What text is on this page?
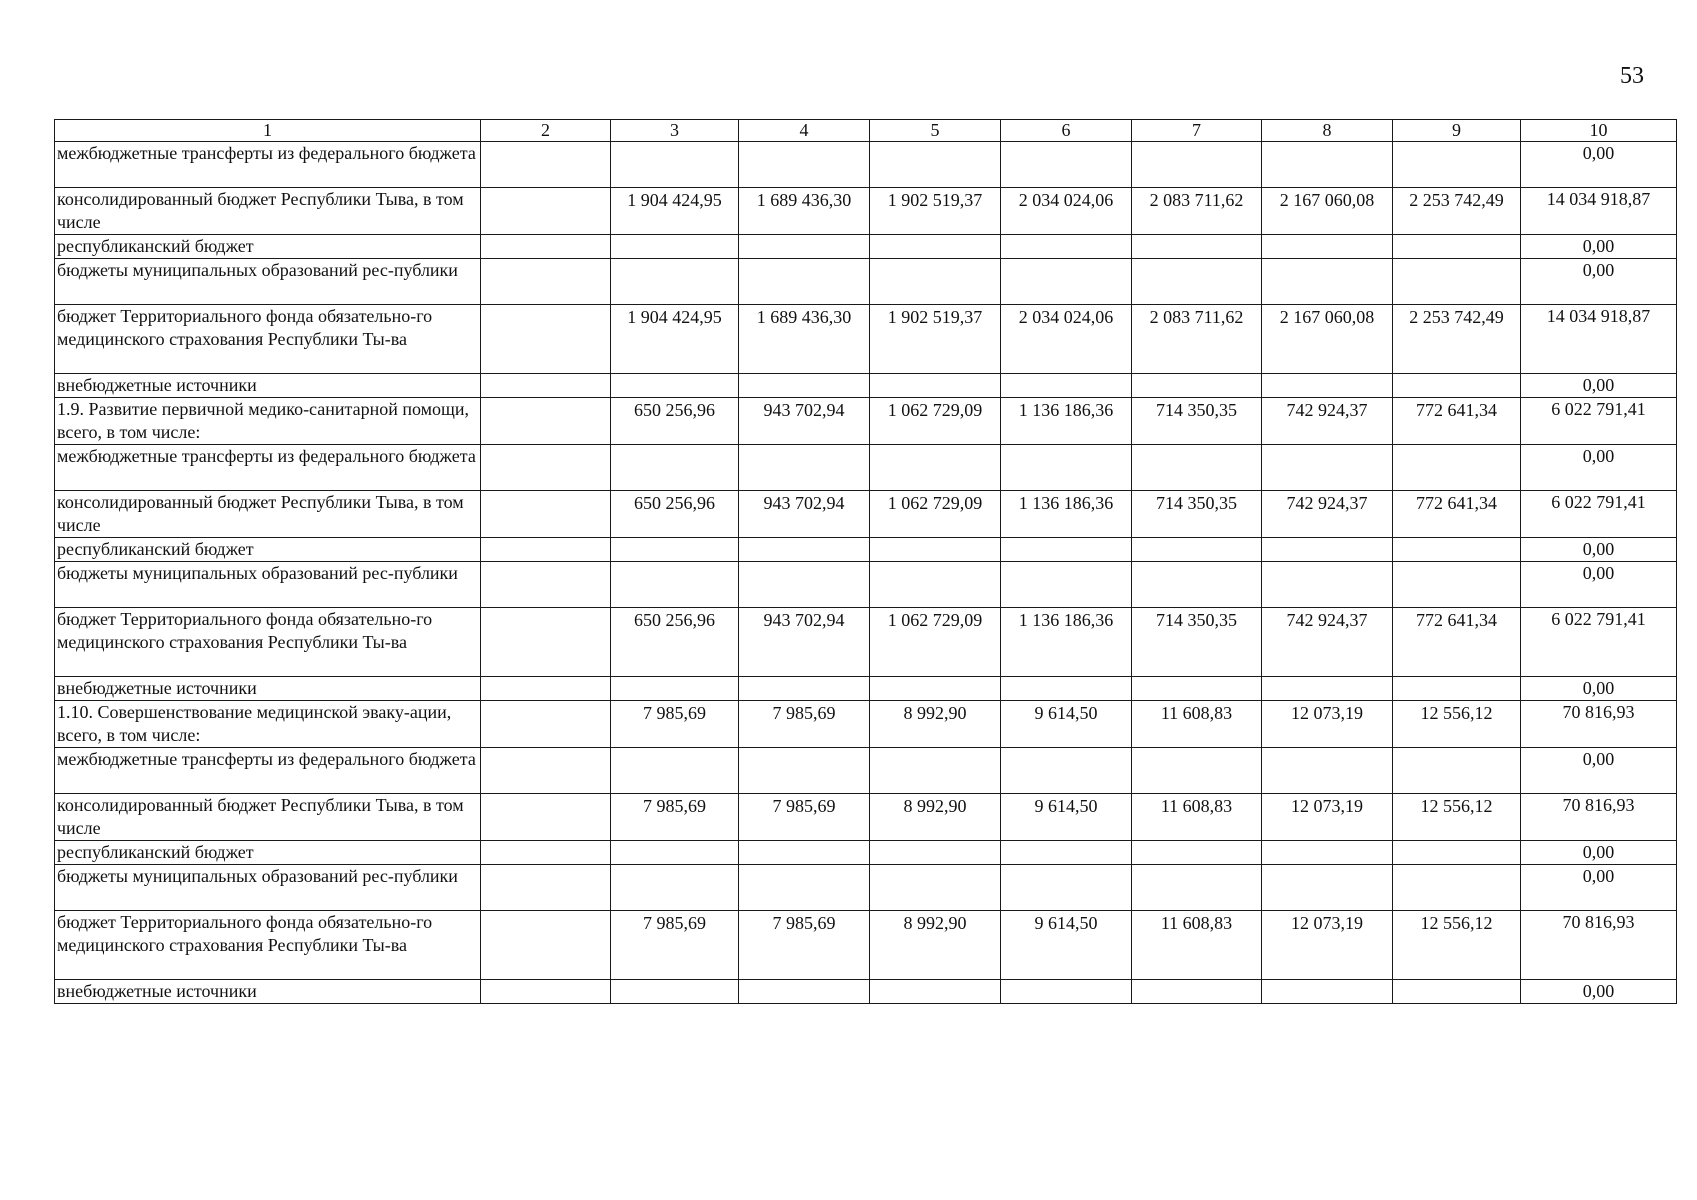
53
1	2	3	4	5	6	7	8	9	10
межбюджетные трансферты из федерального бюджета									0,00
консолидированный бюджет Республики Тыва, в том числе		1 904 424,95	1 689 436,30	1 902 519,37	2 034 024,06	2 083 711,62	2 167 060,08	2 253 742,49	14 034 918,87
республиканский бюджет									0,00
бюджеты муниципальных образований рес-публики									0,00
бюджет Территориального фонда обязательно-го медицинского страхования Республики Ты-ва		1 904 424,95	1 689 436,30	1 902 519,37	2 034 024,06	2 083 711,62	2 167 060,08	2 253 742,49	14 034 918,87
внебюджетные источники									0,00
1.9. Развитие первичной медико-санитарной помощи, всего, в том числе:		650 256,96	943 702,94	1 062 729,09	1 136 186,36	714 350,35	742 924,37	772 641,34	6 022 791,41
межбюджетные трансферты из федерального бюджета									0,00
консолидированный бюджет Республики Тыва, в том числе		650 256,96	943 702,94	1 062 729,09	1 136 186,36	714 350,35	742 924,37	772 641,34	6 022 791,41
республиканский бюджет									0,00
бюджеты муниципальных образований рес-публики									0,00
бюджет Территориального фонда обязательно-го медицинского страхования Республики Ты-ва		650 256,96	943 702,94	1 062 729,09	1 136 186,36	714 350,35	742 924,37	772 641,34	6 022 791,41
внебюджетные источники									0,00
1.10. Совершенствование медицинской эваку-ации, всего, в том числе:		7 985,69	7 985,69	8 992,90	9 614,50	11 608,83	12 073,19	12 556,12	70 816,93
межбюджетные трансферты из федерального бюджета									0,00
консолидированный бюджет Республики Тыва, в том числе		7 985,69	7 985,69	8 992,90	9 614,50	11 608,83	12 073,19	12 556,12	70 816,93
республиканский бюджет									0,00
бюджеты муниципальных образований рес-публики									0,00
бюджет Территориального фонда обязательно-го медицинского страхования Республики Ты-ва		7 985,69	7 985,69	8 992,90	9 614,50	11 608,83	12 073,19	12 556,12	70 816,93
внебюджетные источники									0,00
